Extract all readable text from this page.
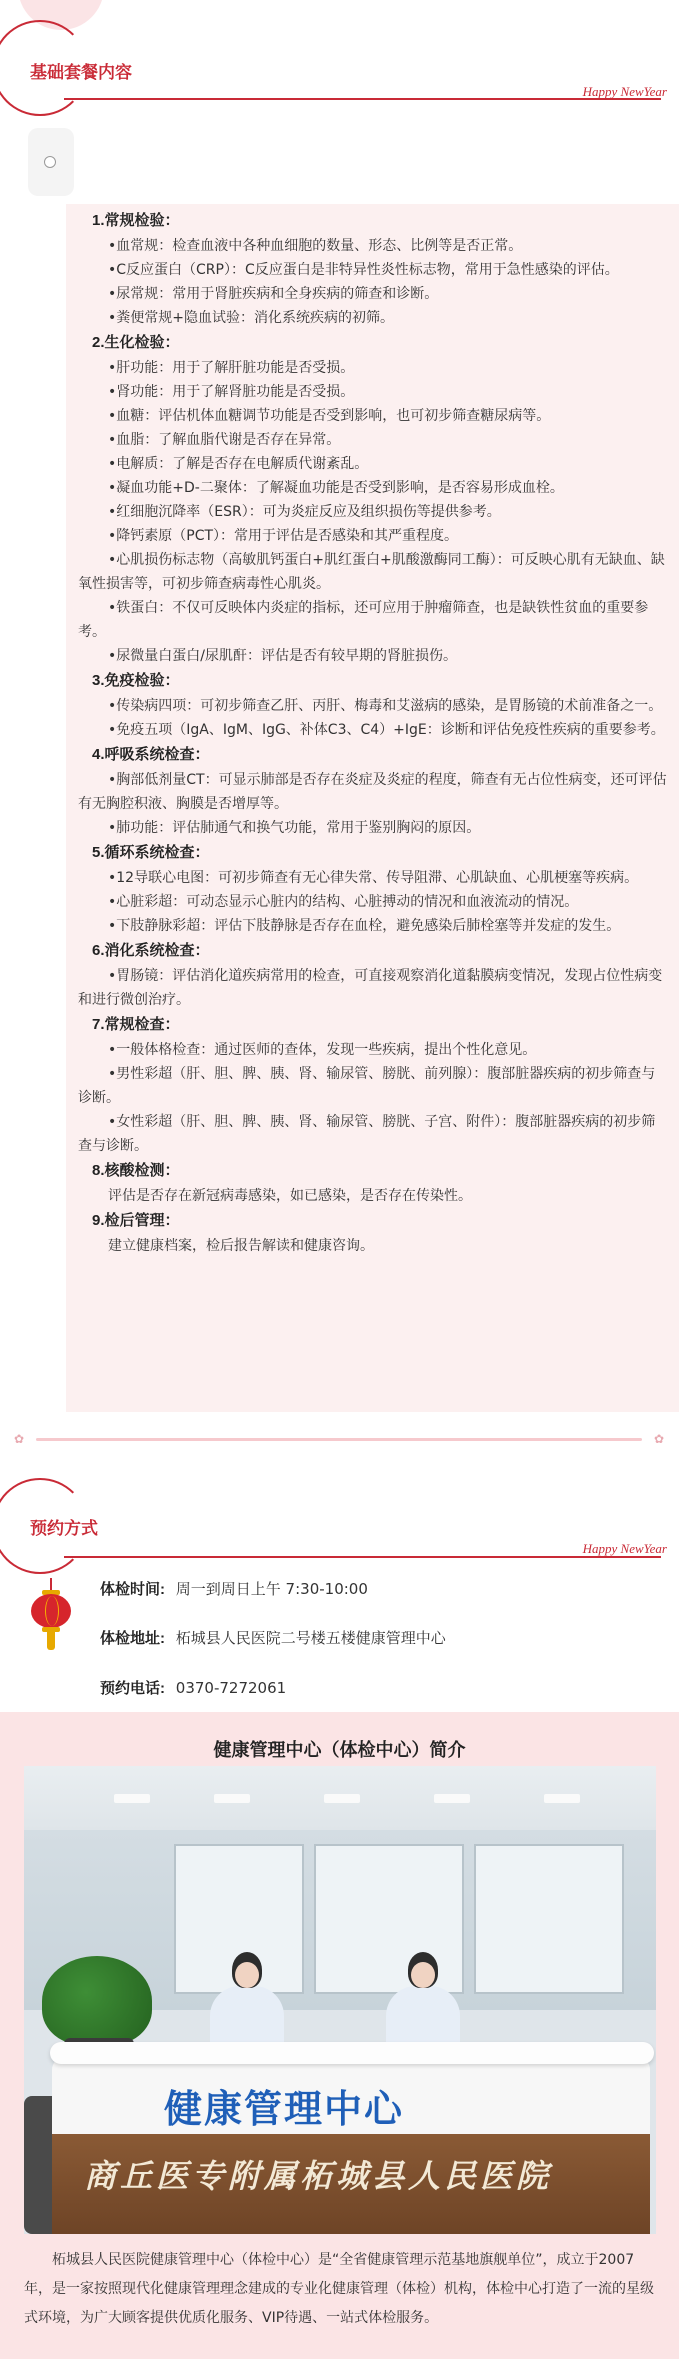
基础套餐内容
Happy NewYear
1.常规检验：
•血常规：检查血液中各种血细胞的数量、形态、比例等是否正常。
•C反应蛋白（CRP）：C反应蛋白是非特异性炎性标志物，常用于急性感染的评估。
•尿常规：常用于肾脏疾病和全身疾病的筛查和诊断。
•粪便常规+隐血试验：消化系统疾病的初筛。
2.生化检验：
•肝功能：用于了解肝脏功能是否受损。
•肾功能：用于了解肾脏功能是否受损。
•血糖：评估机体血糖调节功能是否受到影响，也可初步筛查糖尿病等。
•血脂：了解血脂代谢是否存在异常。
•电解质：了解是否存在电解质代谢紊乱。
•凝血功能+D-二聚体：了解凝血功能是否受到影响，是否容易形成血栓。
•红细胞沉降率（ESR）：可为炎症反应及组织损伤等提供参考。
•降钙素原（PCT）：常用于评估是否感染和其严重程度。
•心肌损伤标志物（高敏肌钙蛋白+肌红蛋白+肌酸激酶同工酶）：可反映心肌有无缺血、缺氧性损害等，可初步筛查病毒性心肌炎。
•铁蛋白：不仅可反映体内炎症的指标，还可应用于肿瘤筛查，也是缺铁性贫血的重要参考。
•尿微量白蛋白/尿肌酐：评估是否有较早期的肾脏损伤。
3.免疫检验：
•传染病四项：可初步筛查乙肝、丙肝、梅毒和艾滋病的感染，是胃肠镜的术前准备之一。
•免疫五项（IgA、IgM、IgG、补体C3、C4）+IgE：诊断和评估免疫性疾病的重要参考。
4.呼吸系统检查：
•胸部低剂量CT：可显示肺部是否存在炎症及炎症的程度，筛查有无占位性病变，还可评估有无胸腔积液、胸膜是否增厚等。
•肺功能：评估肺通气和换气功能，常用于鉴别胸闷的原因。
5.循环系统检查：
•12导联心电图：可初步筛查有无心律失常、传导阻滞、心肌缺血、心肌梗塞等疾病。
•心脏彩超：可动态显示心脏内的结构、心脏搏动的情况和血液流动的情况。
•下肢静脉彩超：评估下肢静脉是否存在血栓，避免感染后肺栓塞等并发症的发生。
6.消化系统检查：
•胃肠镜：评估消化道疾病常用的检查，可直接观察消化道黏膜病变情况，发现占位性病变和进行微创治疗。
7.常规检查：
•一般体格检查：通过医师的查体，发现一些疾病，提出个性化意见。
•男性彩超（肝、胆、脾、胰、肾、输尿管、膀胱、前列腺）：腹部脏器疾病的初步筛查与诊断。
•女性彩超（肝、胆、脾、胰、肾、输尿管、膀胱、子宫、附件）：腹部脏器疾病的初步筛查与诊断。
8.核酸检测：
评估是否存在新冠病毒感染，如已感染，是否存在传染性。
9.检后管理：
建立健康档案，检后报告解读和健康咨询。
✿	✿
预约方式
Happy NewYear
体检时间: 周一到周日上午 7:30-10:00
体检地址: 柘城县人民医院二号楼五楼健康管理中心
预约电话: 0370-7272061
健康管理中心（体检中心）简介
健康管理中心
商丘医专附属柘城县人民医院
柘城县人民医院健康管理中心（体检中心）是“全省健康管理示范基地旗舰单位”，成立于2007年，是一家按照现代化健康管理理念建成的专业化健康管理（体检）机构，体检中心打造了一流的星级式环境，为广大顾客提供优质化服务、VIP待遇、一站式体检服务。
